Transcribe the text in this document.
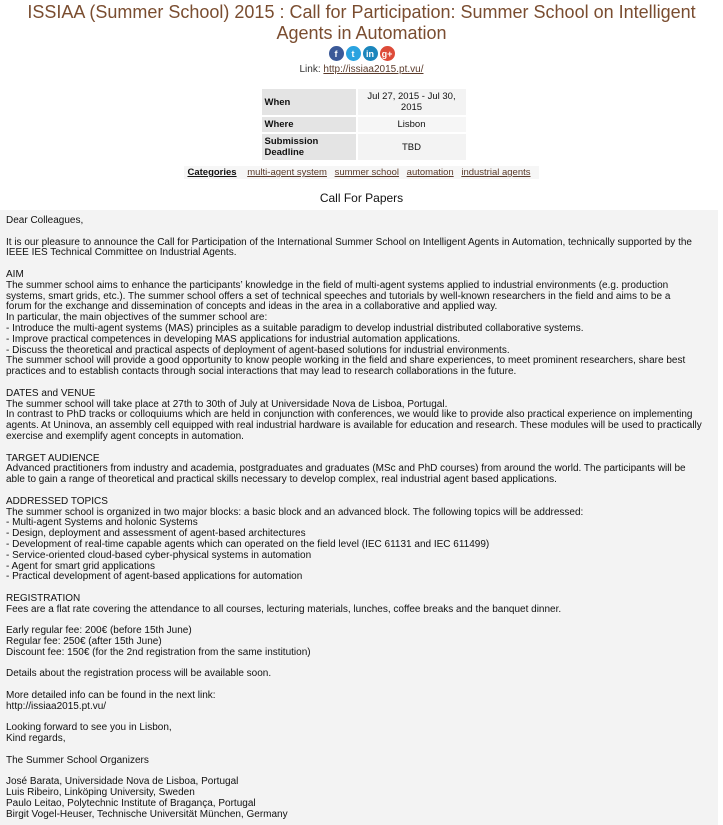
ISSIAA (Summer School) 2015 : Call for Participation: Summer School on Intelligent
Agents in Automation
f	t	in g+
Link: http://issiaa2015.pt.vu/
When	Jul 27, 2015 - Jul 30, 2015
Where	Lisbon
Submission Deadline	TBD
Categories multi-agent system summer school automation industrial agents
Call For Papers
Dear Colleagues,
It is our pleasure to announce the Call for Participation of the International Summer School on Intelligent Agents in Automation, technically supported by the
IEEE IES Technical Committee on Industrial Agents.
AIM
The summer school aims to enhance the participants’ knowledge in the field of multi-agent systems applied to industrial environments (e.g. production
systems, smart grids, etc.). The summer school offers a set of technical speeches and tutorials by well-known researchers in the field and aims to be a
forum for the exchange and dissemination of concepts and ideas in the area in a collaborative and applied way.
In particular, the main objectives of the summer school are:
- Introduce the multi-agent systems (MAS) principles as a suitable paradigm to develop industrial distributed collaborative systems.
- Improve practical competences in developing MAS applications for industrial automation applications.
- Discuss the theoretical and practical aspects of deployment of agent-based solutions for industrial environments.
The summer school will provide a good opportunity to know people working in the field and share experiences, to meet prominent researchers, share best
practices and to establish contacts through social interactions that may lead to research collaborations in the future.
DATES and VENUE
The summer school will take place at 27th to 30th of July at Universidade Nova de Lisboa, Portugal.
In contrast to PhD tracks or colloquiums which are held in conjunction with conferences, we would like to provide also practical experience on implementing
agents. At Uninova, an assembly cell equipped with real industrial hardware is available for education and research. These modules will be used to practically
exercise and exemplify agent concepts in automation.
TARGET AUDIENCE
Advanced practitioners from industry and academia, postgraduates and graduates (MSc and PhD courses) from around the world. The participants will be
able to gain a range of theoretical and practical skills necessary to develop complex, real industrial agent based applications.
ADDRESSED TOPICS
The summer school is organized in two major blocks: a basic block and an advanced block. The following topics will be addressed:
- Multi-agent Systems and holonic Systems
- Design, deployment and assessment of agent-based architectures
- Development of real-time capable agents which can operated on the field level (IEC 61131 and IEC 611499)
- Service-oriented cloud-based cyber-physical systems in automation
- Agent for smart grid applications
- Practical development of agent-based applications for automation
REGISTRATION
Fees are a flat rate covering the attendance to all courses, lecturing materials, lunches, coffee breaks and the banquet dinner.
Early regular fee: 200€ (before 15th June)
Regular fee: 250€ (after 15th June)
Discount fee: 150€ (for the 2nd registration from the same institution)
Details about the registration process will be available soon.
More detailed info can be found in the next link:
http://issiaa2015.pt.vu/
Looking forward to see you in Lisbon,
Kind regards,
The Summer School Organizers
José Barata, Universidade Nova de Lisboa, Portugal
Luis Ribeiro, Linköping University, Sweden
Paulo Leitao, Polytechnic Institute of Bragança, Portugal
Birgit Vogel-Heuser, Technische Universität München, Germany
